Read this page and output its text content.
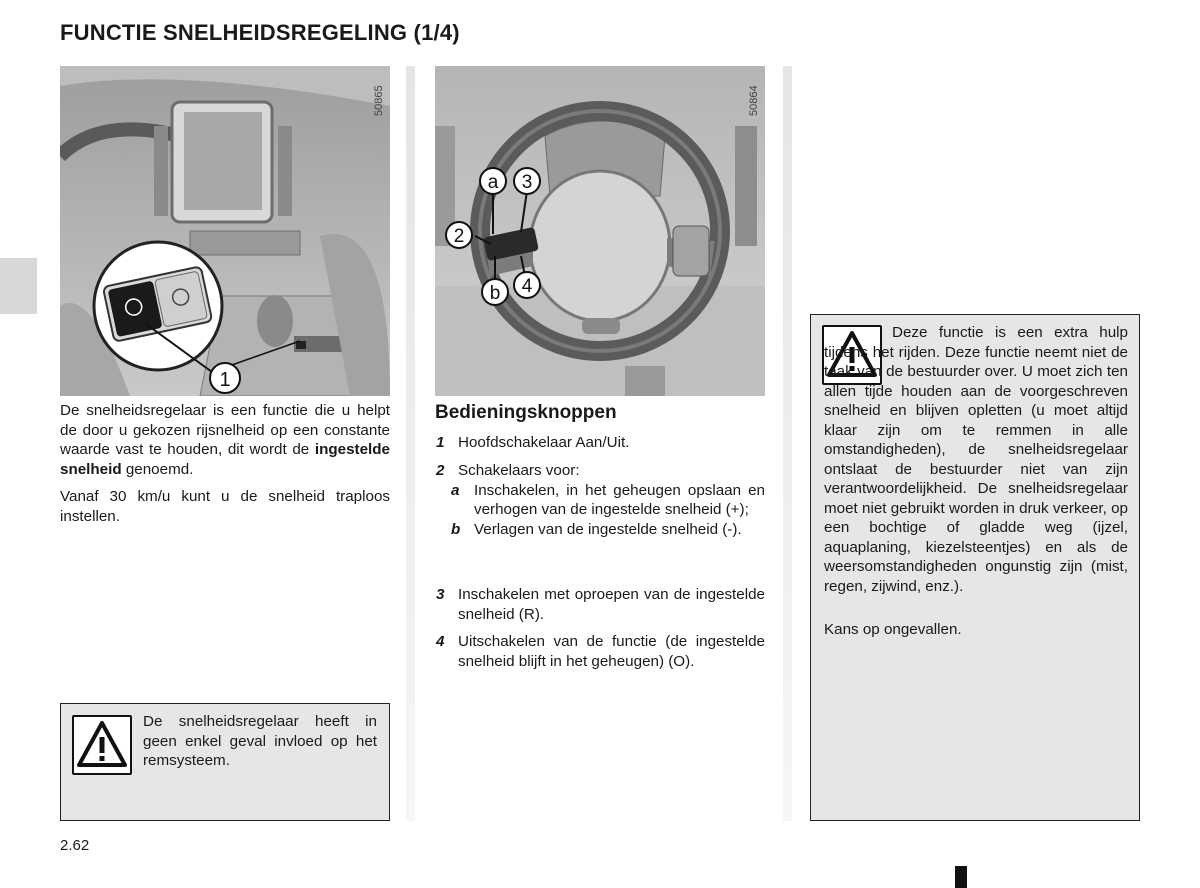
FUNCTIE SNELHEIDSREGELING (1/4)
1
50865
a 3
2
b 4
50864
De snelheidsregelaar is een functie die u helpt de door u gekozen rijsnelheid op een constante waarde vast te houden, dit wordt de ingestelde snelheid genoemd.
Vanaf 30 km/u kunt u de snelheid traploos instellen.
De snelheidsregelaar heeft in geen enkel geval invloed op het remsysteem.
Bedieningsknoppen
1 Hoofdschakelaar Aan/Uit.
2 Schakelaars voor:
a Inschakelen, in het geheugen opslaan en verhogen van de ingestelde snelheid (+);
b Verlagen van de ingestelde snelheid (-).
3 Inschakelen met oproepen van de ingestelde snelheid (R).
4 Uitschakelen van de functie (de ingestelde snelheid blijft in het geheugen) (O).
Deze functie is een extra hulp tijdens het rijden. Deze functie neemt niet de taak van de bestuurder over. U moet zich ten allen tijde houden aan de voorgeschreven snelheid en blijven opletten (u moet altijd klaar zijn om te remmen in alle omstandigheden), de snelheidsregelaar ontslaat de bestuurder niet van zijn verantwoordelijkheid. De snelheidsregelaar moet niet gebruikt worden in druk verkeer, op een bochtige of gladde weg (ijzel, aquaplaning, kiezelsteentjes) en als de weersomstandigheden ongunstig zijn (mist, regen, zijwind, enz.).
Kans op ongevallen.
2.62
